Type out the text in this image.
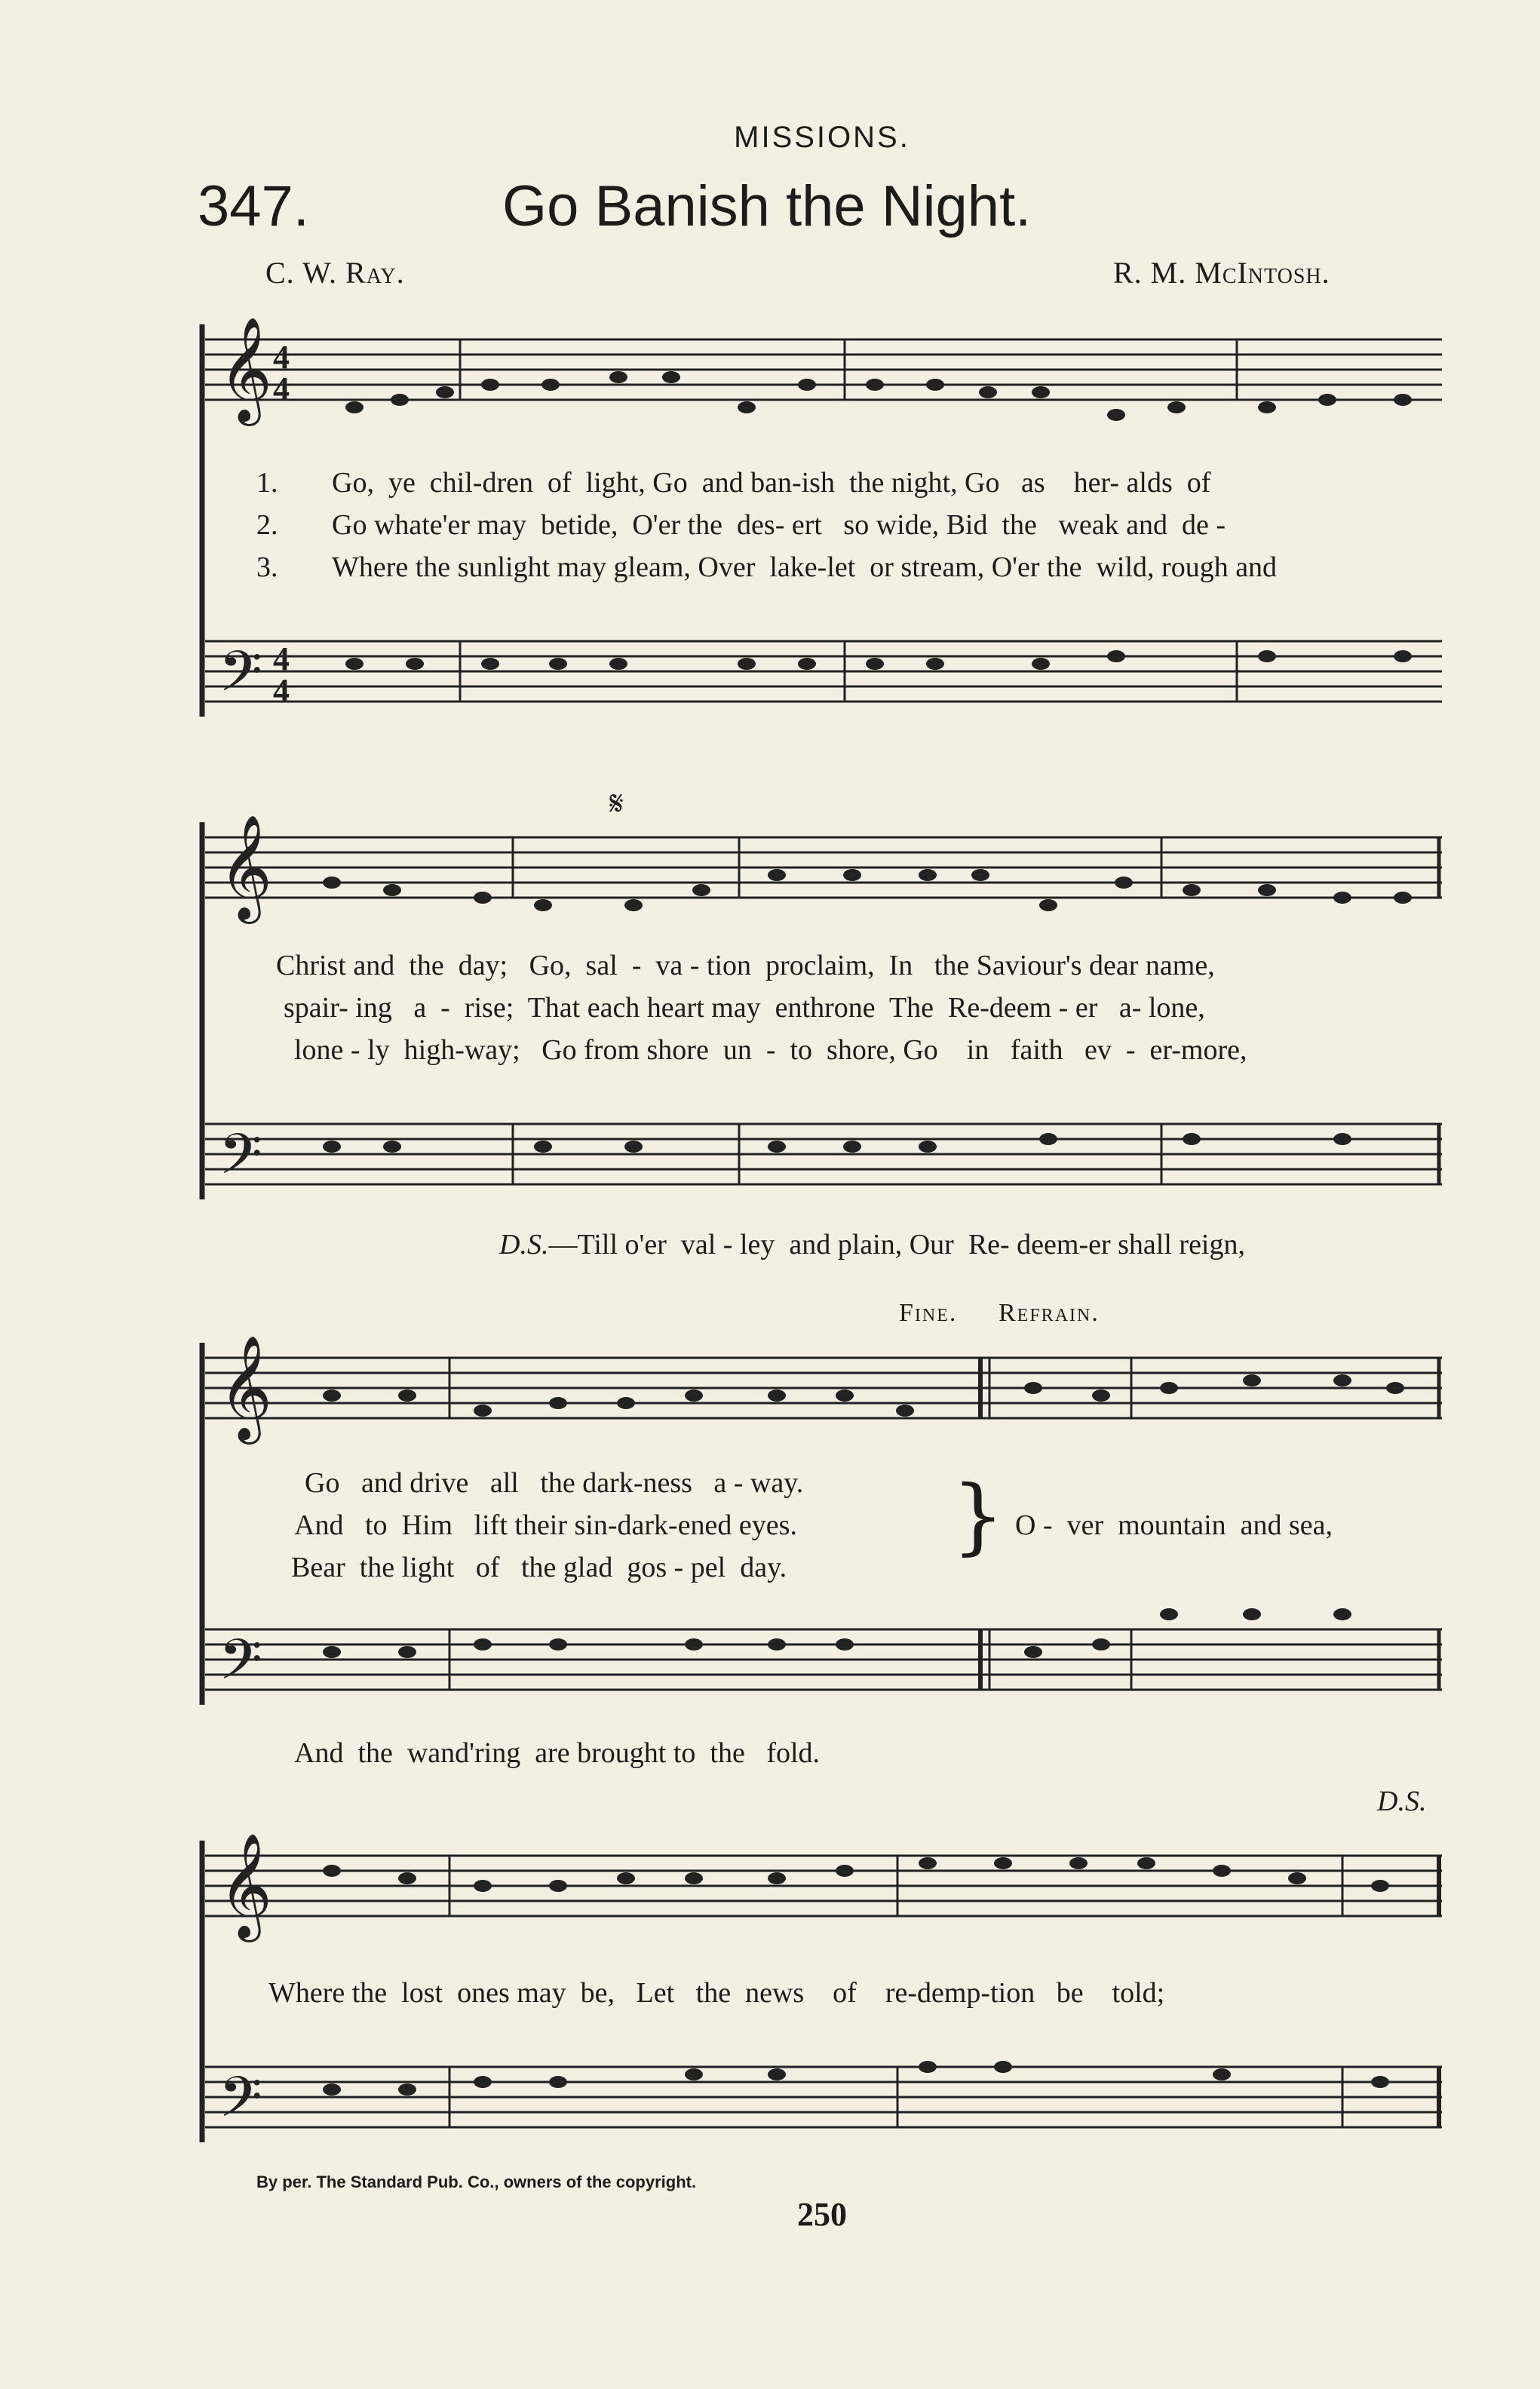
MISSIONS.
347.	Go Banish the Night.
C. W. Ray.	R. M. McIntosh.
𝄞
𝄢
4
4
4
4
1. Go,  ye  chil-dren  of  light, Go  and ban-ish  the night, Go   as    her- alds  of
2. Go whate'er may  betide,  O'er the  des- ert   so wide, Bid  the   weak and  de -
3. Where the sunlight may gleam, Over  lake-let  or stream, O'er the  wild, rough and
𝄞
𝄢
𝄋
Christ and  the  day;   Go,  sal  -  va - tion  proclaim,  In   the Saviour's dear name,
spair- ing   a  -  rise;  That each heart may  enthrone  The  Re-deem - er   a- lone,
lone - ly  high-way;   Go from shore  un  -  to  shore, Go    in   faith   ev  -  er-more,
D.S.—Till o'er  val - ley  and plain, Our  Re- deem-er shall reign,
Fine. Refrain.
𝄞
𝄢
Go   and drive   all   the dark-ness   a - way.
And   to  Him   lift their sin-dark-ened eyes.
Bear  the light   of   the glad  gos - pel  day.
} O -  ver  mountain  and sea,
And  the  wand'ring  are brought to  the   fold.
D.S.
𝄞
𝄢
Where the  lost  ones may  be,   Let   the  news    of    re-demp-tion   be    told;
By per. The Standard Pub. Co., owners of the copyright.
250
